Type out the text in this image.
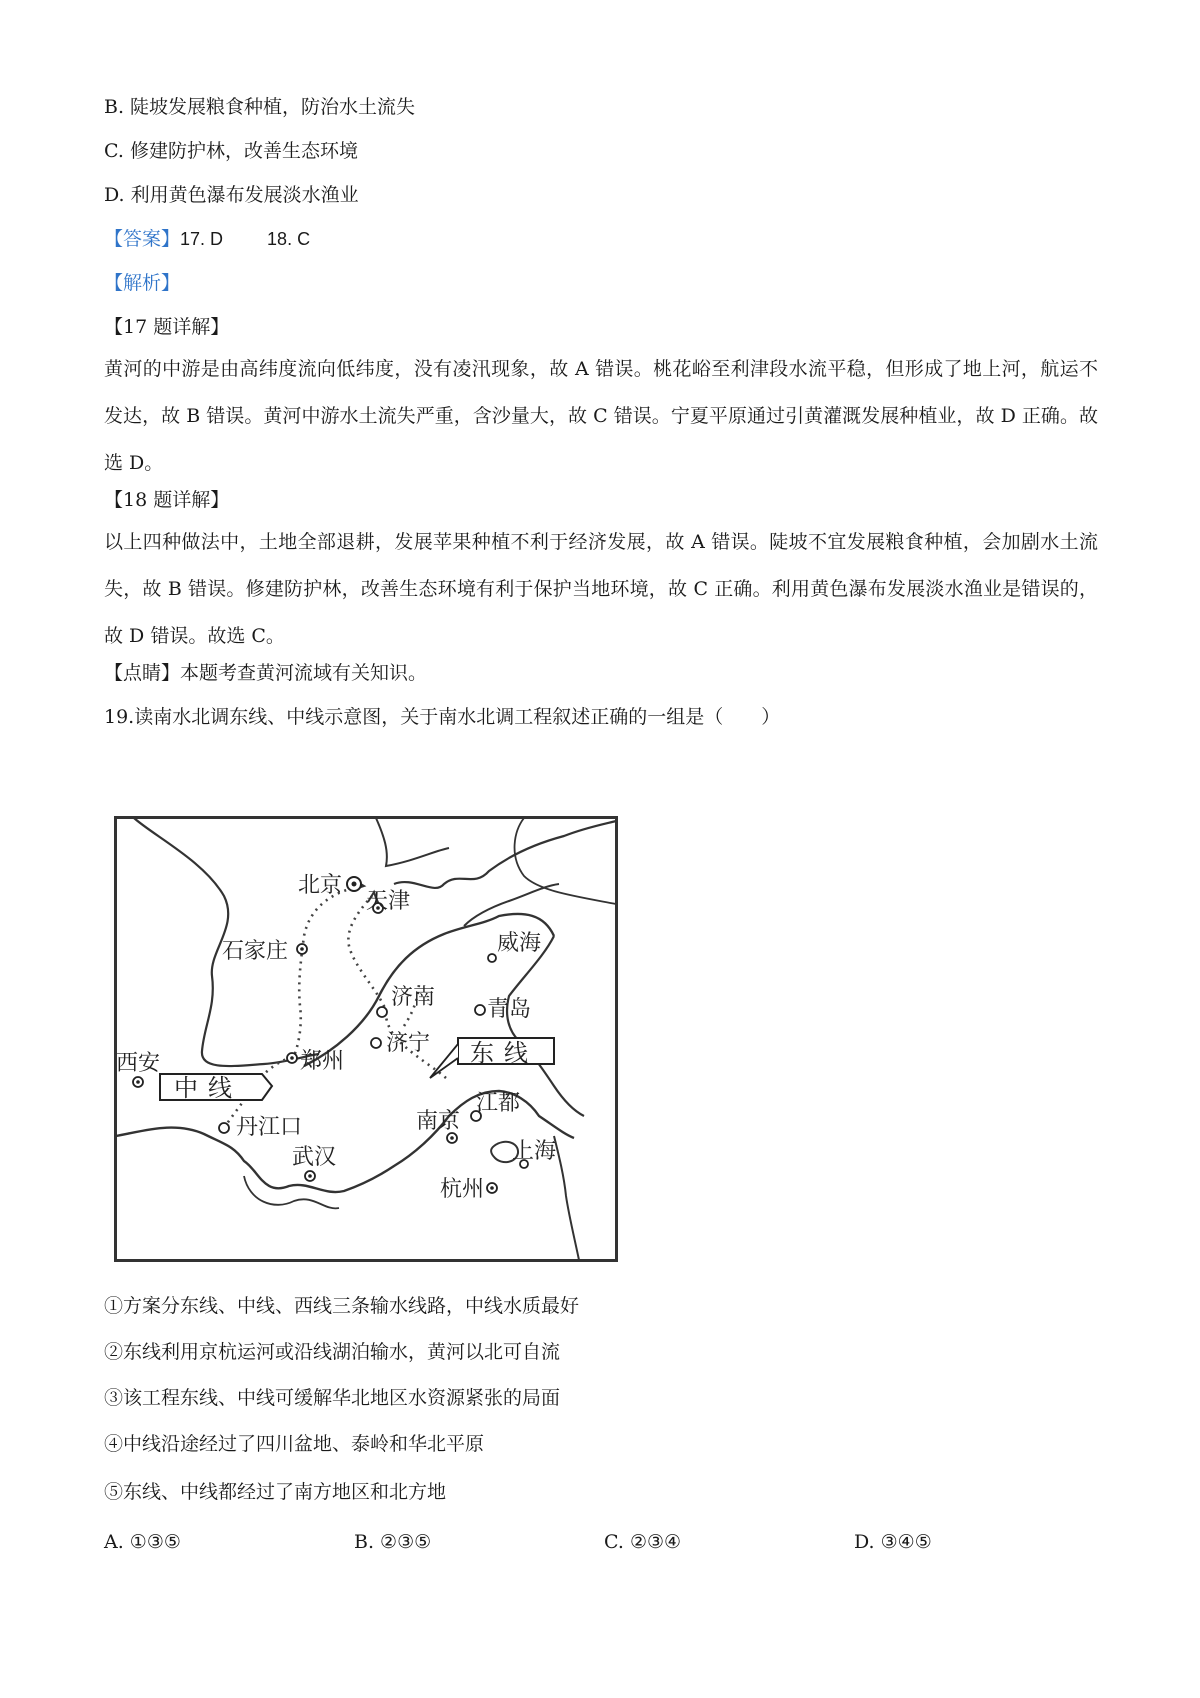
B. 陡坡发展粮食种植，防治水土流失
C. 修建防护林，改善生态环境
D. 利用黄色瀑布发展淡水渔业
【答案】17. D 18. C
【解析】
【17 题详解】
黄河的中游是由高纬度流向低纬度，没有凌汛现象，故 A 错误。桃花峪至利津段水流平稳，但形成了地上河，航运不发达，故 B 错误。黄河中游水土流失严重，含沙量大，故 C 错误。宁夏平原通过引黄灌溉发展种植业，故 D 正确。故选 D。
【18 题详解】
以上四种做法中，土地全部退耕，发展苹果种植不利于经济发展，故 A 错误。陡坡不宜发展粮食种植，会加剧水土流失，故 B 错误。修建防护林，改善生态环境有利于保护当地环境，故 C 正确。利用黄色瀑布发展淡水渔业是错误的，故 D 错误。故选 C。
【点睛】本题考查黄河流域有关知识。
19.读南水北调东线、中线示意图，关于南水北调工程叙述正确的一组是（　　）
北京
天津
石家庄	威海
济南 青岛
济宁
西安	郑州
丹江口	南京
江都
上海
武汉
杭州
东线
中线
①方案分东线、中线、西线三条输水线路，中线水质最好
②东线利用京杭运河或沿线湖泊输水，黄河以北可自流
③该工程东线、中线可缓解华北地区水资源紧张的局面
④中线沿途经过了四川盆地、泰岭和华北平原
⑤东线、中线都经过了南方地区和北方地
A. ①③⑤	B. ②③⑤	C. ②③④	D. ③④⑤
